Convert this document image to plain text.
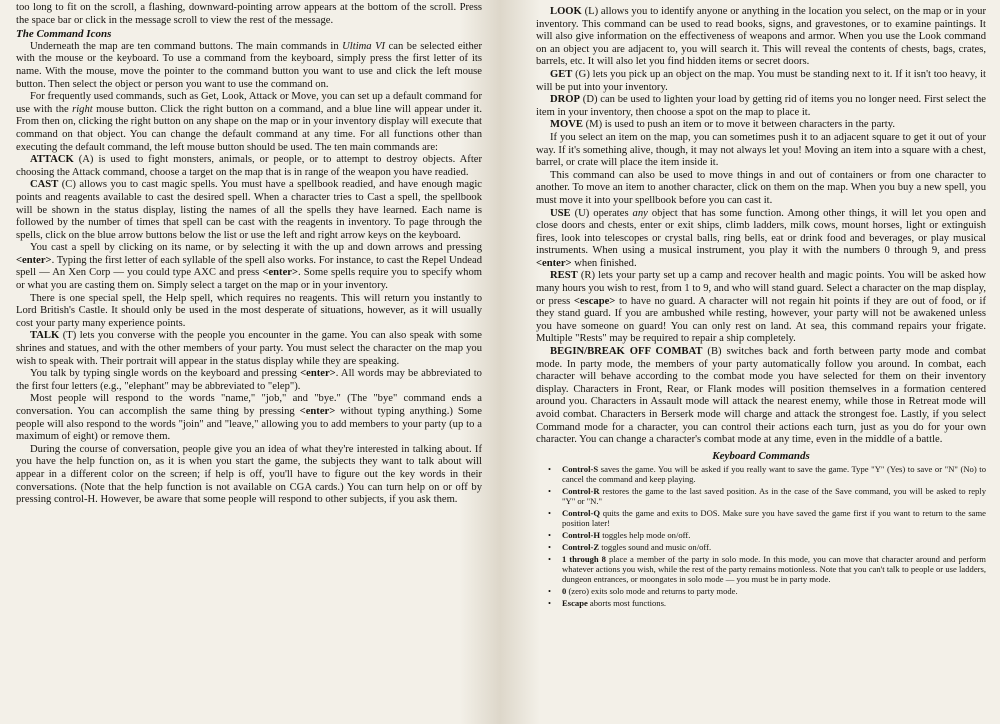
too long to fit on the scroll, a flashing, downward-pointing arrow appears at the bottom of the scroll. Press the space bar or click in the message scroll to view the rest of the message.

The Command Icons

Underneath the map are ten command buttons. The main commands in Ultima VI can be selected either with the mouse or the keyboard. To use a command from the keyboard, simply press the first letter of its name. With the mouse, move the pointer to the command button you want to use and click the left mouse button. Then select the object or person you want to use the command on.

For frequently used commands, such as Get, Look, Attack or Move, you can set up a default command for use with the right mouse button. Click the right button on a command, and a blue line will appear under it. From then on, clicking the right button on any shape on the map or in your inventory display will execute that command on that object. You can change the default command at any time. For all functions other than executing the default command, the left mouse button should be used. The ten main commands are:

ATTACK (A) is used to fight monsters, animals, or people, or to attempt to destroy objects. After choosing the Attack command, choose a target on the map that is in range of the weapon you have readied.

CAST (C) allows you to cast magic spells. You must have a spellbook readied, and have enough magic points and reagents available to cast the desired spell. When a character tries to Cast a spell, the spellbook will be shown in the status display, listing the names of all the spells they have learned. Each name is followed by the number of times that spell can be cast with the reagents in inventory. To page through the spells, click on the blue arrow buttons below the list or use the left and right arrow keys on the keyboard.

You cast a spell by clicking on its name, or by selecting it with the up and down arrows and pressing <enter>. Typing the first letter of each syllable of the spell also works. For instance, to cast the Repel Undead spell — An Xen Corp — you could type AXC and press <enter>. Some spells require you to specify whom or what you are casting them on. Simply select a target on the map or in your inventory.

There is one special spell, the Help spell, which requires no reagents. This will return you instantly to Lord British's Castle. It should only be used in the most desperate of situations, however, as it will usually cost your party many experience points.

TALK (T) lets you converse with the people you encounter in the game. You can also speak with some shrines and statues, and with the other members of your party. You must select the character on the map you wish to speak with. Their portrait will appear in the status display while they are speaking.

You talk by typing single words on the keyboard and pressing <enter>. All words may be abbreviated to the first four letters (e.g., "elephant" may be abbreviated to "elep").

Most people will respond to the words "name," "job," and "bye." (The "bye" command ends a conversation. You can accomplish the same thing by pressing <enter> without typing anything.) Some people will also respond to the words "join" and "leave," allowing you to add members to your party (up to a maximum of eight) or remove them.

During the course of conversation, people give you an idea of what they're interested in talking about. If you have the help function on, as it is when you start the game, the subjects they want to talk about will appear in a different color on the screen; if help is off, you'll have to figure out the key words in their conversations. (Note that the help function is not available on CGA cards.) You can turn help on or off by pressing control-H. However, be aware that some people will respond to other subjects, if you ask them.

LOOK (L) allows you to identify anyone or anything in the location you select, on the map or in your inventory. This command can be used to read books, signs, and gravestones, or to examine paintings. It will also give information on the effectiveness of weapons and armor. When you use the Look command on an object you are adjacent to, you will search it. This will reveal the contents of chests, bags, crates, barrels, etc. It will also let you find hidden items or secret doors.

GET (G) lets you pick up an object on the map. You must be standing next to it. If it isn't too heavy, it will be put into your inventory.

DROP (D) can be used to lighten your load by getting rid of items you no longer need. First select the item in your inventory, then choose a spot on the map to place it.

MOVE (M) is used to push an item or to move it between characters in the party.

If you select an item on the map, you can sometimes push it to an adjacent square to get it out of your way. If it's something alive, though, it may not always let you! Moving an item into a square with a chest, barrel, or crate will place the item inside it.

This command can also be used to move things in and out of containers or from one character to another. To move an item to another character, click on them on the map. When you buy a new spell, you must move it into your spellbook before you can cast it.

USE (U) operates any object that has some function. Among other things, it will let you open and close doors and chests, enter or exit ships, climb ladders, milk cows, mount horses, light or extinguish fires, look into telescopes or crystal balls, ring bells, eat or drink food and beverages, or play musical instruments. When using a musical instrument, you play it with the numbers 0 through 9, and press <enter> when finished.

REST (R) lets your party set up a camp and recover health and magic points. You will be asked how many hours you wish to rest, from 1 to 9, and who will stand guard. Select a character on the map display, or press <escape> to have no guard. A character will not regain hit points if they are out of food, or if they stand guard. If you are ambushed while resting, however, your party will not be awakened unless you have someone on guard! You can only rest on land. At sea, this command repairs your frigate. Multiple "Rests" may be required to repair a ship completely.

BEGIN/BREAK OFF COMBAT (B) switches back and forth between party mode and combat mode. In party mode, the members of your party automatically follow you around. In combat, each character will behave according to the combat mode you have selected for them on their inventory display. Characters in Front, Rear, or Flank modes will position themselves in a formation centered around you. Characters in Assault mode will attack the nearest enemy, while those in Retreat mode will avoid combat. Characters in Berserk mode will charge and attack the strongest foe. Lastly, if you select Command mode for a character, you can control their actions each turn, just as you do for your own character. You can change a character's combat mode at any time, even in the middle of a battle.

Keyboard Commands
• Control-S saves the game. You will be asked if you really want to save the game. Type "Y" (Yes) to save or "N" (No) to cancel the command and keep playing.
• Control-R restores the game to the last saved position. As in the case of the Save command, you will be asked to reply "Y" or "N."
• Control-Q quits the game and exits to DOS. Make sure you have saved the game first if you want to return to the same position later!
• Control-H toggles help mode on/off.
• Control-Z toggles sound and music on/off.
• 1 through 8 place a member of the party in solo mode. In this mode, you can move that character around and perform whatever actions you wish, while the rest of the party remains motionless. Note that you can't talk to people or use ladders, dungeon entrances, or moongates in solo mode — you must be in party mode.
• 0 (zero) exits solo mode and returns to party mode.
• Escape aborts most functions.
